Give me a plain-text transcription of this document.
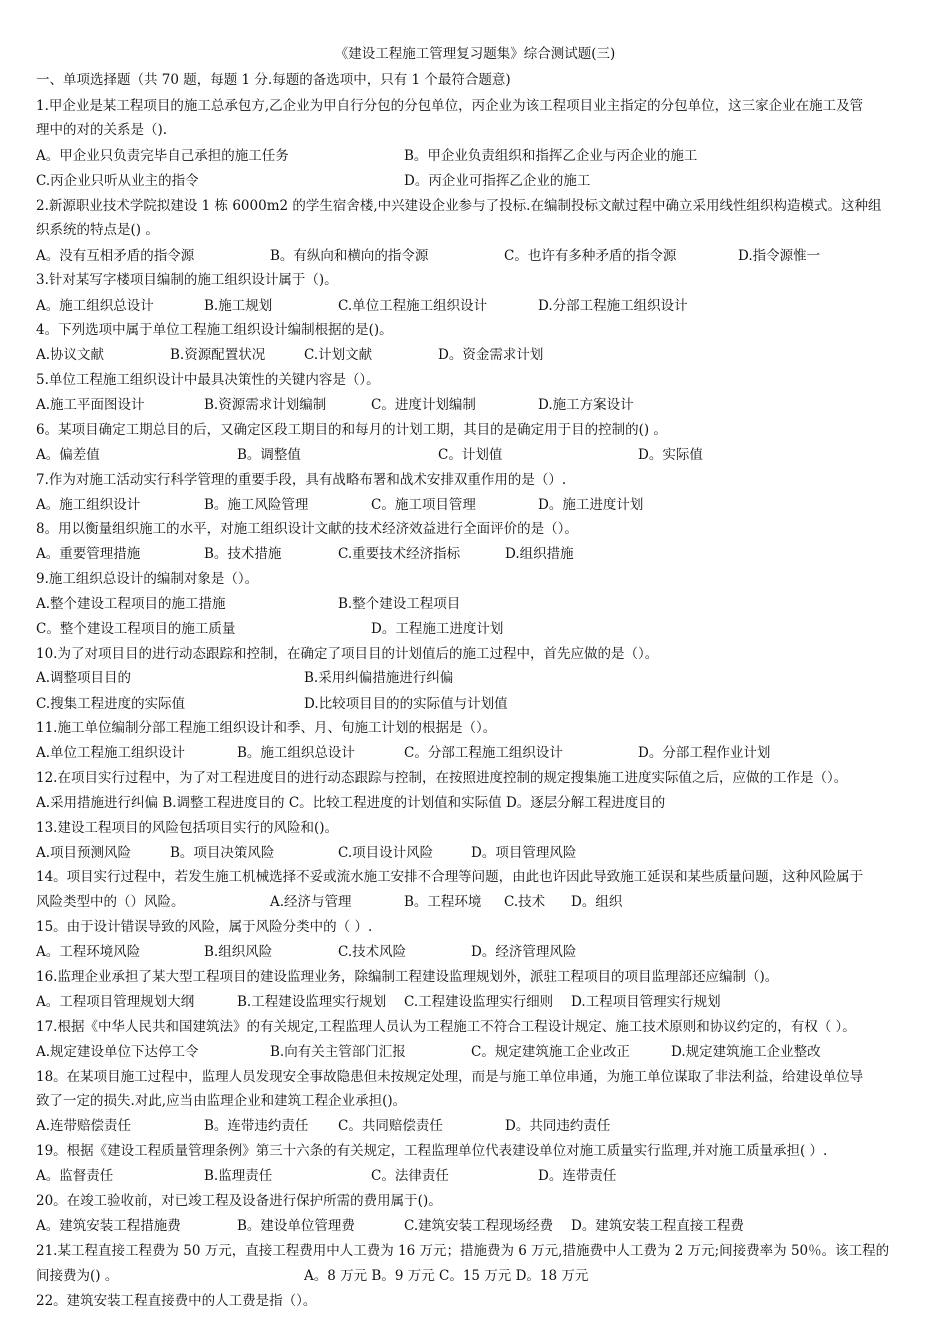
《建设工程施工管理复习题集》综合测试题(三)
一、单项选择题（共 70 题，每题 1 分.每题的备选项中，只有 1 个最符合题意)
1.甲企业是某工程项目的施工总承包方,乙企业为甲自行分包的分包单位，丙企业为该工程项目业主指定的分包单位，这三家企业在施工及管
理中的对的关系是（).
A。甲企业只负责完毕自己承担的施工任务	B。甲企业负责组织和指挥乙企业与丙企业的施工
C.丙企业只听从业主的指令	D。丙企业可指挥乙企业的施工
2.新源职业技术学院拟建设 1 栋 6000m2 的学生宿舍楼,中兴建设企业参与了投标.在编制投标文献过程中确立采用线性组织构造模式。这种组
织系统的特点是() 。
A。没有互相矛盾的指令源	B。有纵向和横向的指令源	C。也许有多种矛盾的指令源	D.指令源惟一
3.针对某写字楼项目编制的施工组织设计属于（)。
A。施工组织总设计	B.施工规划	C.单位工程施工组织设计	D.分部工程施工组织设计
4。下列选项中属于单位工程施工组织设计编制根据的是()。
A.协议文献	B.资源配置状况	C.计划文献	D。资金需求计划
5.单位工程施工组织设计中最具决策性的关键内容是（）。
A.施工平面图设计	B.资源需求计划编制	C。进度计划编制	D.施工方案设计
6。某项目确定工期总目的后，又确定区段工期目的和每月的计划工期，其目的是确定用于目的控制的() 。
A。偏差值	B。调整值	C。计划值	D。实际值
7.作为对施工活动实行科学管理的重要手段，具有战略布署和战术安排双重作用的是（）.
A。施工组织设计	B。施工风险管理	C。施工项目管理	D。施工进度计划
8。用以衡量组织施工的水平，对施工组织设计文献的技术经济效益进行全面评价的是（）。
A。重要管理措施	B。技术措施	C.重要技术经济指标	D.组织措施
9.施工组织总设计的编制对象是（）。
A.整个建设工程项目的施工措施	B.整个建设工程项目
C。整个建设工程项目的施工质量	D。工程施工进度计划
10.为了对项目目的进行动态跟踪和控制，在确定了项目目的计划值后的施工过程中，首先应做的是（）。
A.调整项目目的	B.采用纠偏措施进行纠偏
C.搜集工程进度的实际值	D.比较项目目的的实际值与计划值
11.施工单位编制分部工程施工组织设计和季、月、旬施工计划的根据是（）。
A.单位工程施工组织设计	B。施工组织总设计	C。分部工程施工组织设计	D。分部工程作业计划
12.在项目实行过程中，为了对工程进度目的进行动态跟踪与控制，在按照进度控制的规定搜集施工进度实际值之后，应做的工作是（）。
A.采用措施进行纠偏 B.调整工程进度目的 C。比较工程进度的计划值和实际值 D。逐层分解工程进度目的
13.建设工程项目的风险包括项目实行的风险和()。
A.项目预测风险	B。项目决策风险	C.项目设计风险	D。项目管理风险
14。项目实行过程中，若发生施工机械选择不妥或流水施工安排不合理等问题，由此也许因此导致施工延误和某些质量问题，这种风险属于
风险类型中的（）风险。	A.经济与管理	B。工程环境 C.技术 D。组织
15。由于设计错误导致的风险，属于风险分类中的（ ）.
A。工程环境风险	B.组织风险	C.技术风险	D。经济管理风险
16.监理企业承担了某大型工程项目的建设监理业务，除编制工程建设监理规划外，派驻工程项目的项目监理部还应编制（)。
A。工程项目管理规划大纲	B.工程建设监理实行规划 C.工程建设监理实行细则 D.工程项目管理实行规划
17.根据《中华人民共和国建筑法》的有关规定,工程监理人员认为工程施工不符合工程设计规定、施工技术原则和协议约定的，有权（ ）。
A.规定建设单位下达停工令	B.向有关主管部门汇报	C。规定建筑施工企业改正	D.规定建筑施工企业整改
18。在某项目施工过程中，监理人员发现安全事故隐患但未按规定处理，而是与施工单位串通，为施工单位谋取了非法利益，给建设单位导
致了一定的损失.对此,应当由监理企业和建筑工程企业承担()。
A.连带赔偿责任	B。连带违约责任 C。共同赔偿责任	D。共同违约责任
19。根据《建设工程质量管理条例》第三十六条的有关规定，工程监理单位代表建设单位对施工质量实行监理,并对施工质量承担( ）.
A。监督责任	B.监理责任	C。法律责任	D。连带责任
20。在竣工验收前，对已竣工程及设备进行保护所需的费用属于()。
A。建筑安装工程措施费	B。建设单位管理费	C.建筑安装工程现场经费 D。建筑安装工程直接工程费
21.某工程直接工程费为 50 万元，直接工程费用中人工费为 16 万元；措施费为 6 万元,措施费中人工费为 2 万元;间接费率为 50％。该工程的
间接费为() 。	A。8 万元 B。9 万元 C。15 万元 D。18 万元
22。建筑安装工程直接费中的人工费是指（）。
